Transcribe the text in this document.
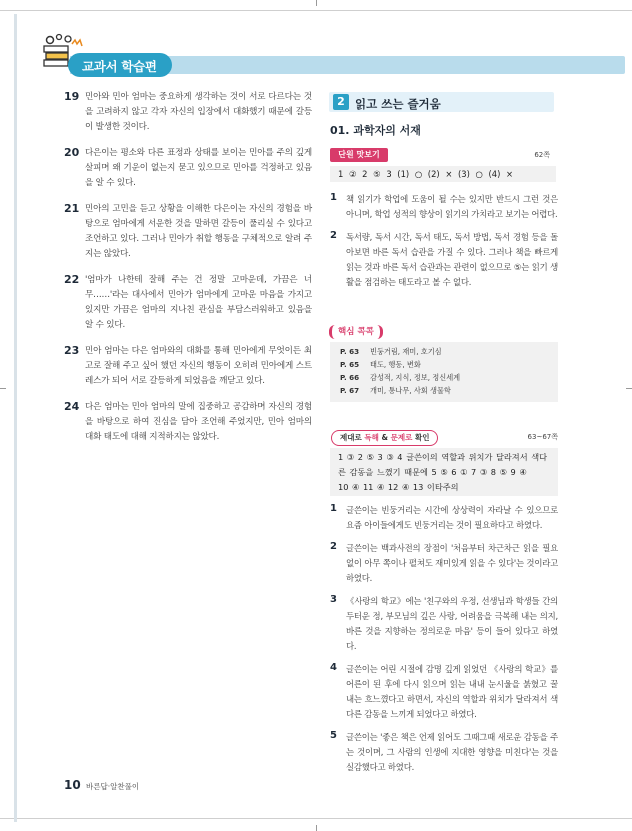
교과서 학습편
19 민아와 민아 엄마는 중요하게 생각하는 것이 서로 다르다는 것을 고려하지 않고 각자 자신의 입장에서 대화했기 때문에 갈등이 발생한 것이다.
20 다은이는 평소와 다른 표정과 상태를 보이는 민아를 주의 깊게 살피며 왜 기운이 없는지 묻고 있으므로 민아를 걱정하고 있음을 알 수 있다.
21 민아의 고민을 듣고 상황을 이해한 다은이는 자신의 경험을 바탕으로 엄마에게 서운한 것을 말하면 갈등이 풀리실 수 있다고 조언하고 있다. 그러나 민아가 취할 행동을 구체적으로 알려 주지는 않았다.
22 '엄마가 나한테 잘해 주는 건 정말 고마운데, 가끔은 너무……'라는 대사에서 민아가 엄마에게 고마운 마음을 가지고 있지만 가끔은 엄마의 지나친 관심을 부담스러워하고 있음을 알 수 있다.
23 민아 엄마는 다은 엄마와의 대화를 통해 민아에게 무엇이든 최고로 잘해 주고 싶어 했던 자신의 행동이 오히려 민아에게 스트레스가 되어 서로 갈등하게 되었음을 깨닫고 있다.
24 다은 엄마는 민아 엄마의 말에 집중하고 공감하며 자신의 경험을 바탕으로 하여 진심을 담아 조언해 주었지만, 민아 엄마의 대화 태도에 대해 지적하지는 않았다.
2 읽고 쓰는 즐거움
01. 과학자의 서재
단원 맛보기	62쪽
1 ② 2 ⑤ 3 (1) ○ (2) × (3) ○ (4) ×
1 책 읽기가 학업에 도움이 될 수는 있지만 반드시 그런 것은 아니며, 학업 성적의 향상이 읽기의 가치라고 보기는 어렵다.
2 독서량, 독서 시간, 독서 태도, 독서 방법, 독서 경험 등을 돌아보면 바른 독서 습관을 가질 수 있다. 그러나 책을 빠르게 읽는 것과 바른 독서 습관과는 관련이 없으므로 ⑤는 읽기 생활을 점검하는 태도라고 볼 수 없다.
핵심 콕콕
P. 63 빈둥거림, 재미, 호기심
P. 65 태도, 행동, 변화
P. 66 감성적, 지식, 정보, 정신세계
P. 67 개미, 통나무, 사회 생물학
제대로 독해 & 문제로 확인	63~67쪽
1 ③ 2 ⑤ 3 ③ 4 글쓴이의 역할과 위치가 달라져서 색다
른 감동을 느꼈기 때문에 5 ⑤ 6 ① 7 ③ 8 ⑤ 9 ④
10 ④ 11 ④ 12 ④ 13 이타주의
1 글쓴이는 빈둥거리는 시간에 상상력이 자라날 수 있으므로 요즘 아이들에게도 빈둥거리는 것이 필요하다고 하였다.
2 글쓴이는 백과사전의 장점이 '처음부터 차근차근 읽을 필요 없이 아무 쪽이나 펼쳐도 재미있게 읽을 수 있다'는 것이라고 하였다.
3 《사랑의 학교》에는 '친구와의 우정, 선생님과 학생들 간의 두터운 정, 부모님의 깊은 사랑, 어려움을 극복해 내는 의지, 바른 것을 지향하는 정의로운 마음' 등이 들어 있다고 하였다.
4 글쓴이는 어린 시절에 감명 깊게 읽었던 《사랑의 학교》를 어른이 된 후에 다시 읽으며 읽는 내내 눈시울을 붉혔고 꿀 내는 흐느꼈다고 하면서, 자신의 역할과 위치가 달라져서 색다른 감동을 느끼게 되었다고 하였다.
5 글쓴이는 '좋은 책은 언제 읽어도 그때그때 새로운 감동을 주는 것이며, 그 사람의 인생에 지대한 영향을 미친다'는 것을 실감했다고 하였다.
10 바른답·알찬풀이
